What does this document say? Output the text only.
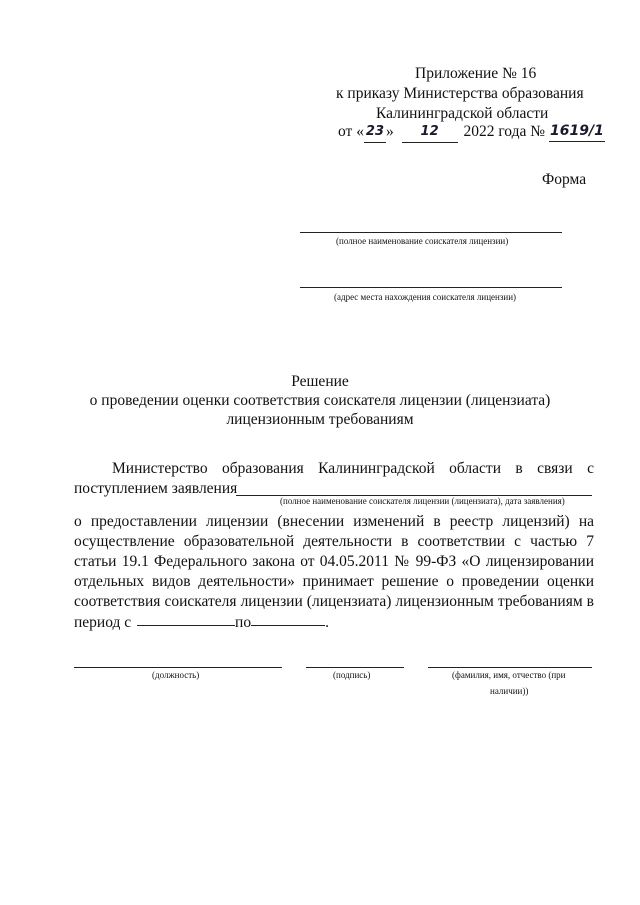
Приложение № 16
к приказу Министерства образования
Калининградской области
от « 23 » 12 2022 года № 1619/1
Форма
(полное наименование соискателя лицензии)
(адрес места нахождения соискателя лицензии)
Решение
о проведении оценки соответствия соискателя лицензии (лицензиата)
лицензионным требованиям
Министерство образования Калининградской области в связи с
поступлением заявления
(полное наименование соискателя лицензии (лицензиата), дата заявления)
о предоставлении лицензии (внесении изменений в реестр лицензий) на
осуществление образовательной деятельности в соответствии с частью 7
статьи 19.1 Федерального закона от 04.05.2011 № 99-ФЗ «О лицензировании
отдельных видов деятельности» принимает решение о проведении оценки
соответствия соискателя лицензии (лицензиата) лицензионным требованиям в
период с	по	.
(должность)	(подпись)	(фамилия, имя, отчество (при
наличии))
